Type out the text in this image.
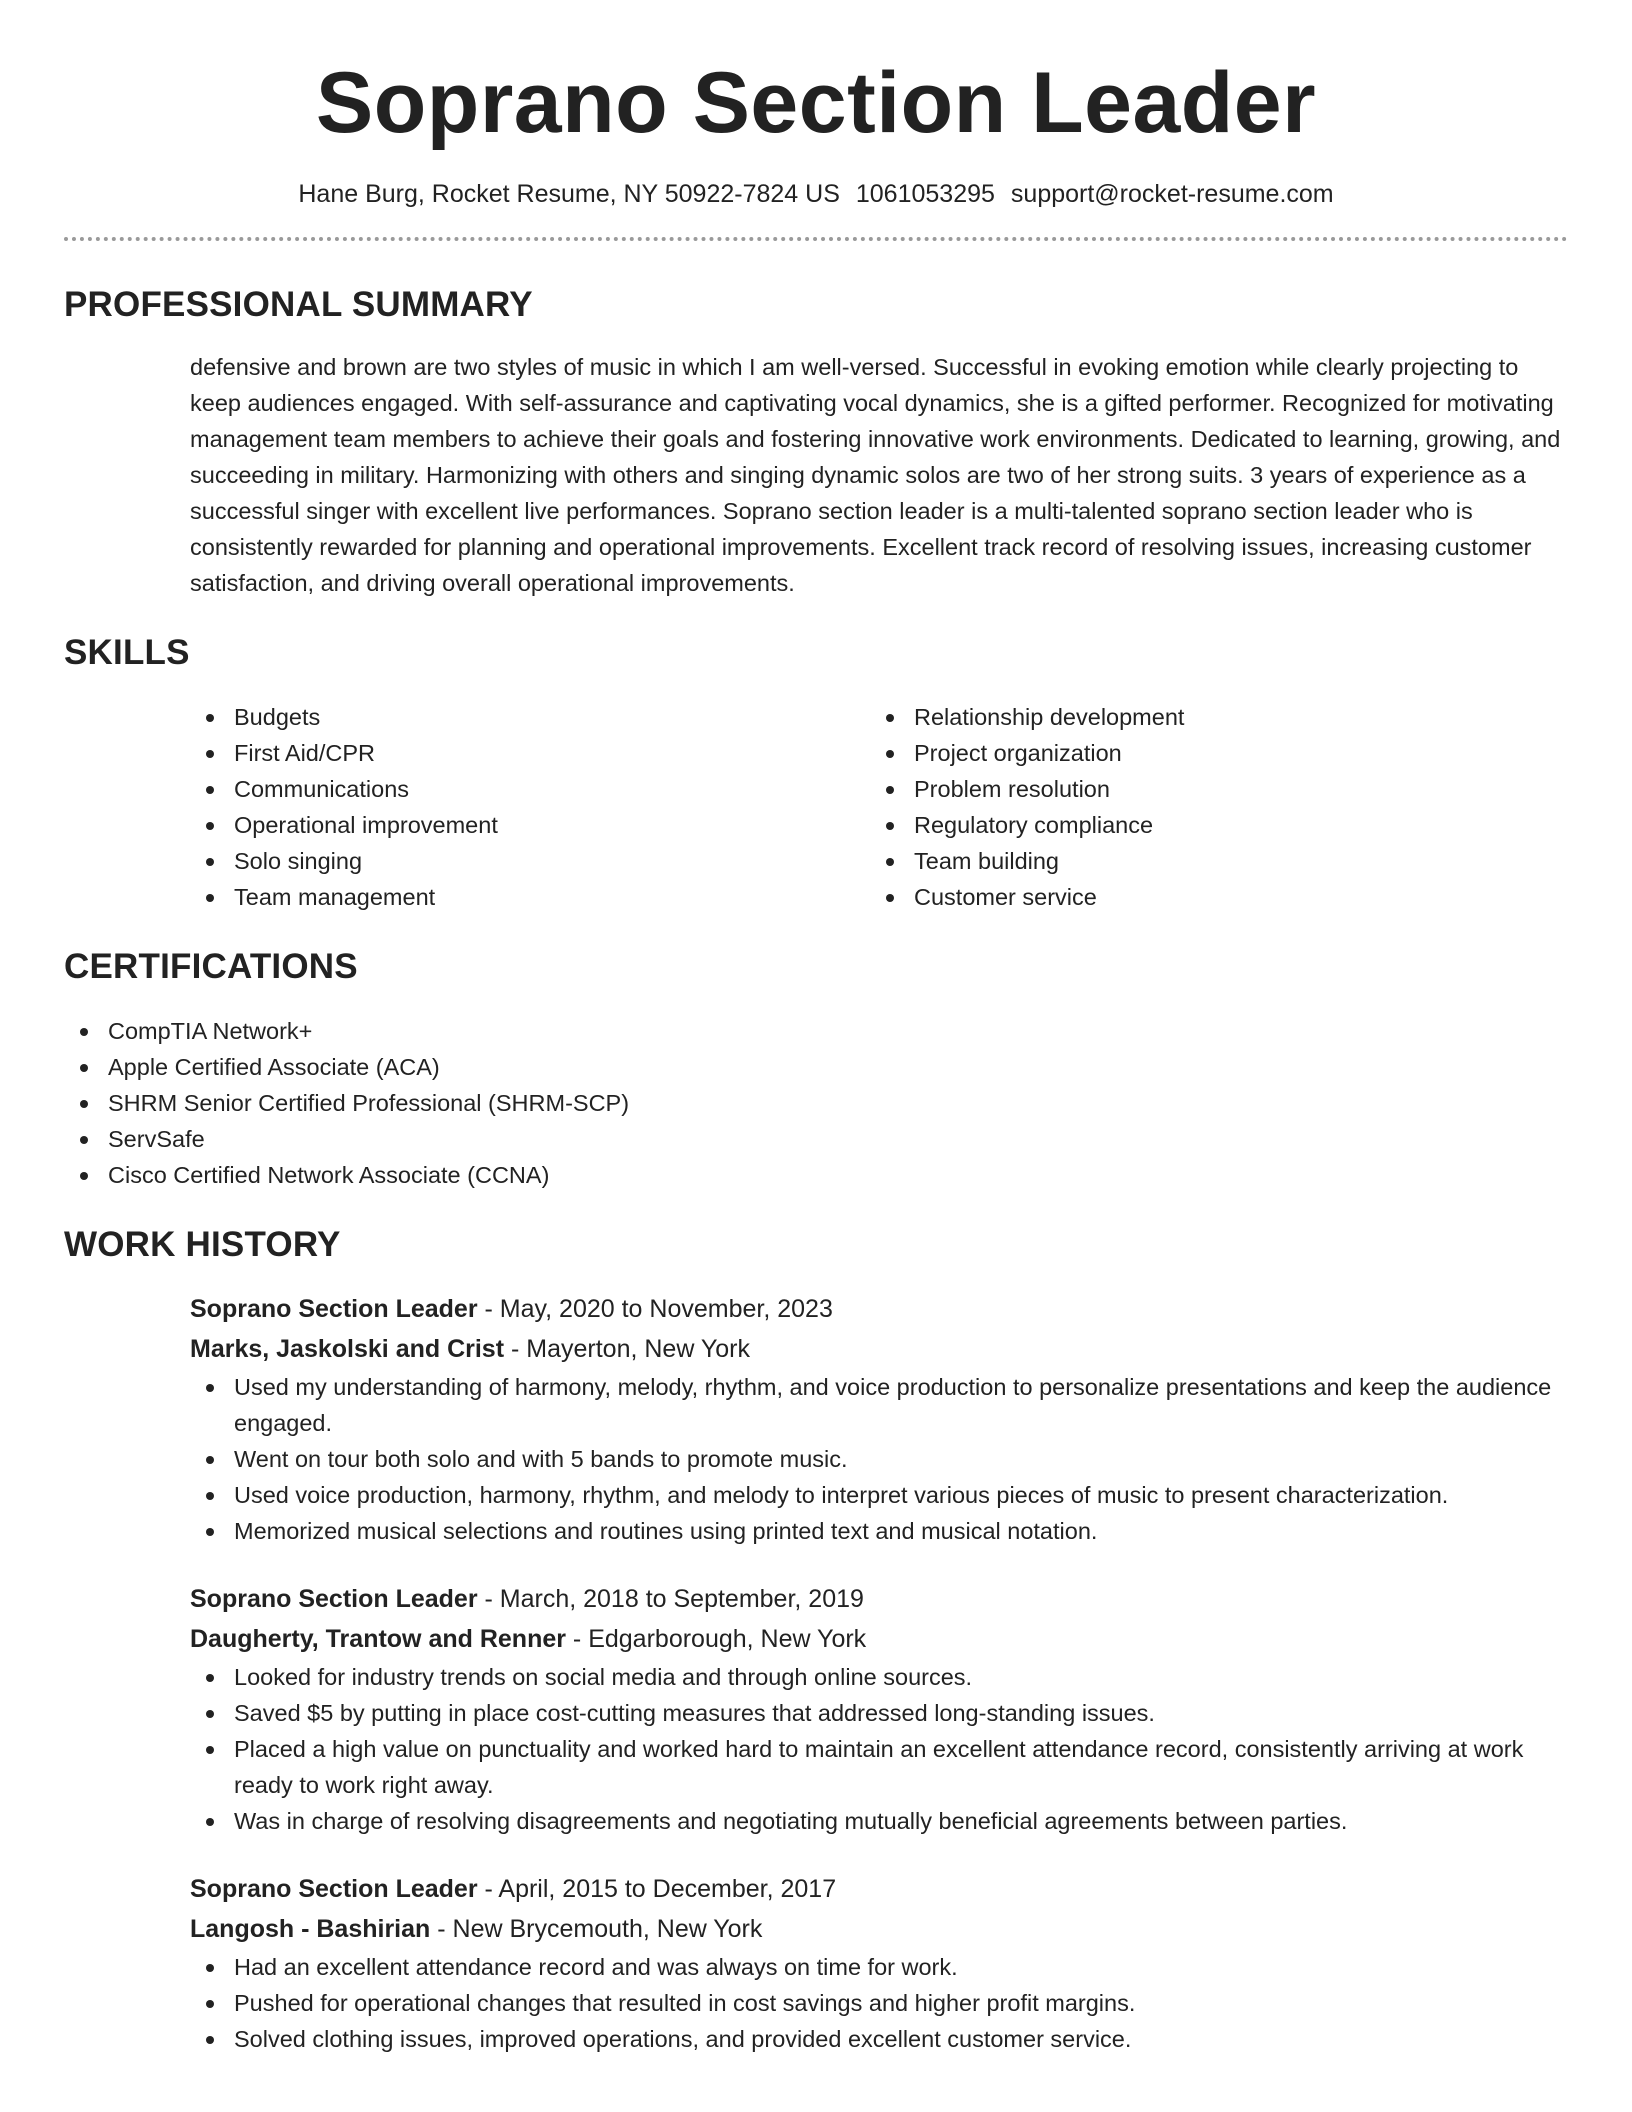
Soprano Section Leader
Hane Burg, Rocket Resume, NY 50922-7824 US 1061053295 support@rocket-resume.com
PROFESSIONAL SUMMARY
defensive and brown are two styles of music in which I am well-versed. Successful in evoking emotion while clearly projecting to keep audiences engaged. With self-assurance and captivating vocal dynamics, she is a gifted performer. Recognized for motivating management team members to achieve their goals and fostering innovative work environments. Dedicated to learning, growing, and succeeding in military. Harmonizing with others and singing dynamic solos are two of her strong suits. 3 years of experience as a successful singer with excellent live performances. Soprano section leader is a multi-talented soprano section leader who is consistently rewarded for planning and operational improvements. Excellent track record of resolving issues, increasing customer satisfaction, and driving overall operational improvements.
SKILLS
Budgets
First Aid/CPR
Communications
Operational improvement
Solo singing
Team management
Relationship development
Project organization
Problem resolution
Regulatory compliance
Team building
Customer service
CERTIFICATIONS
CompTIA Network+
Apple Certified Associate (ACA)
SHRM Senior Certified Professional (SHRM-SCP)
ServSafe
Cisco Certified Network Associate (CCNA)
WORK HISTORY
Soprano Section Leader - May, 2020 to November, 2023
Marks, Jaskolski and Crist - Mayerton, New York
Used my understanding of harmony, melody, rhythm, and voice production to personalize presentations and keep the audience engaged.
Went on tour both solo and with 5 bands to promote music.
Used voice production, harmony, rhythm, and melody to interpret various pieces of music to present characterization.
Memorized musical selections and routines using printed text and musical notation.
Soprano Section Leader - March, 2018 to September, 2019
Daugherty, Trantow and Renner - Edgarborough, New York
Looked for industry trends on social media and through online sources.
Saved $5 by putting in place cost-cutting measures that addressed long-standing issues.
Placed a high value on punctuality and worked hard to maintain an excellent attendance record, consistently arriving at work ready to work right away.
Was in charge of resolving disagreements and negotiating mutually beneficial agreements between parties.
Soprano Section Leader - April, 2015 to December, 2017
Langosh - Bashirian - New Brycemouth, New York
Had an excellent attendance record and was always on time for work.
Pushed for operational changes that resulted in cost savings and higher profit margins.
Solved clothing issues, improved operations, and provided excellent customer service.
